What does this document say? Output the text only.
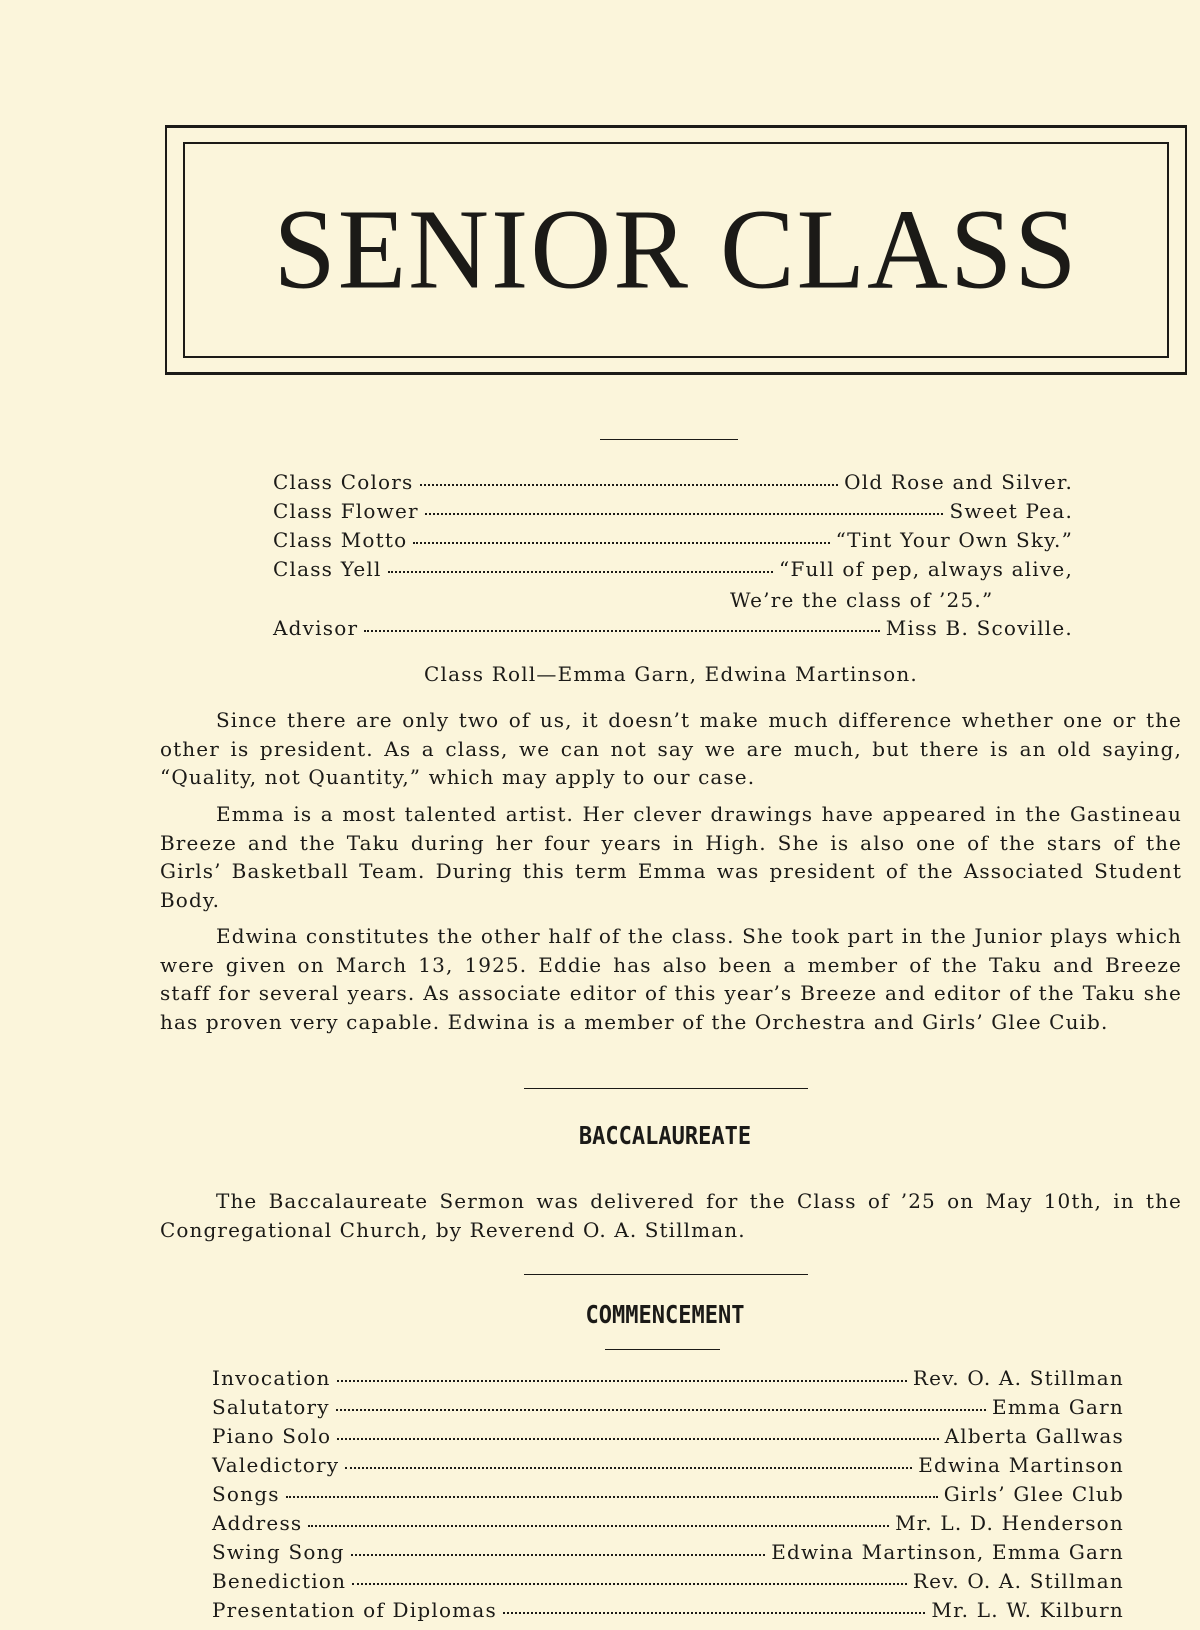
SENIOR CLASS
Class Colors	Old Rose and Silver.
Class Flower	Sweet Pea.
Class Motto	“Tint Your Own Sky.”
Class Yell	“Full of pep, always alive,
We’re the class of ’25.”
Advisor	Miss B. Scoville.
Class Roll—Emma Garn, Edwina Martinson.

Since there are only two of us, it doesn’t make much difference whether one or the other is president. As a class, we can not say we are much, but there is an old saying, “Quality, not Quantity,” which may apply to our case.

Emma is a most talented artist. Her clever drawings have appeared in the Gastineau Breeze and the Taku during her four years in High. She is also one of the stars of the Girls’ Basketball Team. During this term Emma was president of the Associated Student Body.

Edwina constitutes the other half of the class. She took part in the Junior plays which were given on March 13, 1925. Eddie has also been a member of the Taku and Breeze staff for several years. As associate editor of this year’s Breeze and editor of the Taku she has proven very capable. Edwina is a member of the Orchestra and Girls’ Glee Cuib.

BACCALAUREATE

The Baccalaureate Sermon was delivered for the Class of ’25 on May 10th, in the Congregational Church, by Reverend O. A. Stillman.

COMMENCEMENT
Invocation	Rev. O. A. Stillman
Salutatory	Emma Garn
Piano Solo	Alberta Gallwas
Valedictory	Edwina Martinson
Songs	Girls’ Glee Club
Address	Mr. L. D. Henderson
Swing Song	Edwina Martinson, Emma Garn
Benediction	Rev. O. A. Stillman
Presentation of Diplomas	Mr. L. W. Kilburn
